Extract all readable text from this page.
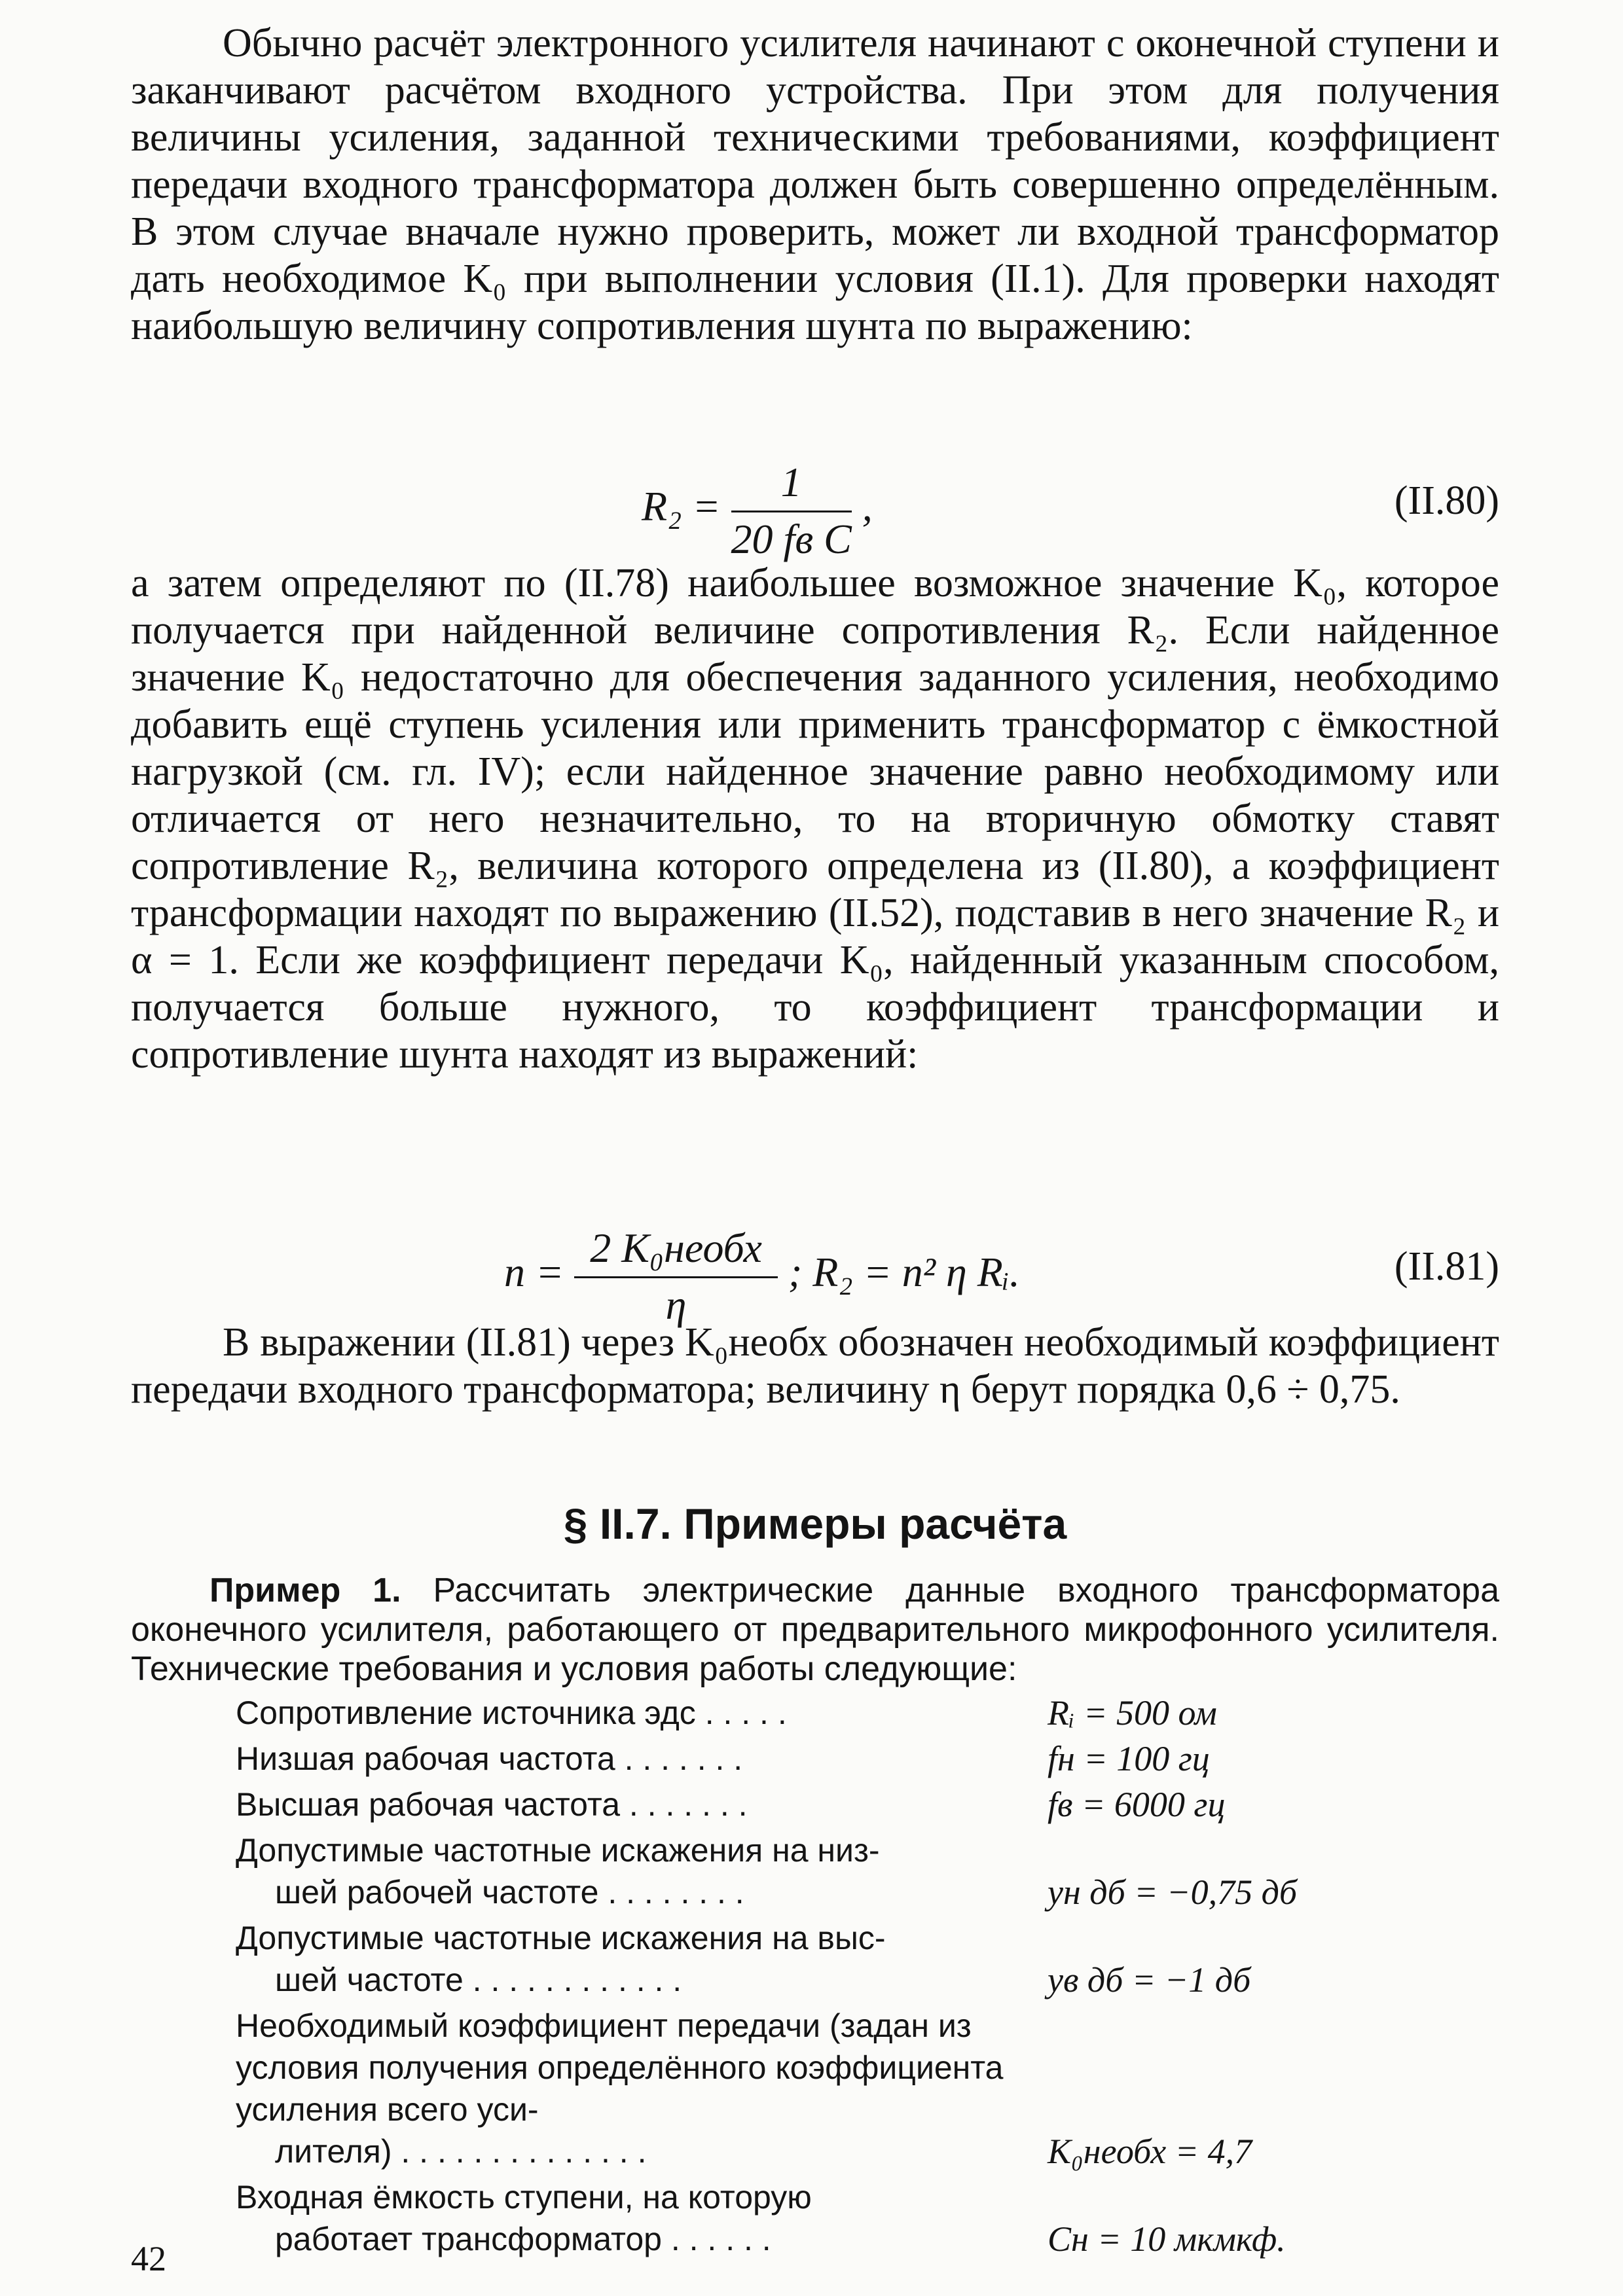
Обычно расчёт электронного усилителя начинают с оконечной ступени и заканчивают расчётом входного устройства. При этом для получения величины усиления, заданной техническими требованиями, коэффициент передачи входного трансформатора должен быть совершенно определённым. В этом случае вначале нужно проверить, может ли входной трансформатор дать необходимое K₀ при выполнении условия (II.1). Для проверки находят наибольшую величину сопротивления шунта по выражению:

$R_2 = \frac{1}{\text{20 fв C}}$ ,	(II.80)

а затем определяют по (II.78) наибольшее возможное значение K₀, которое получается при найденной величине сопротивления R₂. Если найденное значение K₀ недостаточно для обеспечения заданного усиления, необходимо добавить ещё ступень усиления или применить трансформатор с ёмкостной нагрузкой (см. гл. IV); если найденное значение равно необходимому или отличается от него незначительно, то на вторичную обмотку ставят сопротивление R₂, величина которого определена из (II.80), а коэффициент трансформации находят по выражению (II.52), подставив в него значение R₂ и α = 1. Если же коэффициент передачи K₀, найденный указанным способом, получается больше нужного, то коэффициент трансформации и сопротивление шунта находят из выражений:

$n = \frac{\text{2 K₀необх}}{\eta}$ ; R₂ = n² η Rᵢ.	(II.81)

В выражении (II.81) через K₀необх обозначен необходимый коэффициент передачи входного трансформатора; величину η берут порядка 0,6 ÷ 0,75.

§ II.7. Примеры расчёта

Пример 1. Рассчитать электрические данные входного трансформатора оконечного усилителя, работающего от предварительного микрофонного усилителя. Технические требования и условия работы следующие:

Сопротивление источника эдс . . . . .	Rᵢ = 500 ом
Низшая рабочая частота . . . . . . .	fн = 100 гц
Высшая рабочая частота . . . . . . .	fв = 6000 гц
Допустимые частотные искажения на низ-
шей рабочей частоте . . . . . . . .	yн дб = −0,75 дб
Допустимые частотные искажения на выс-
шей частоте . . . . . . . . . . . .	yв дб = −1 дб
Необходимый коэффициент передачи (задан из условия получения определённого коэффициента усиления всего уси-
лителя) . . . . . . . . . . . . . .	K₀необх = 4,7
Входная ёмкость ступени, на которую
работает трансформатор . . . . . .	Cн = 10 мкмкф.
42
